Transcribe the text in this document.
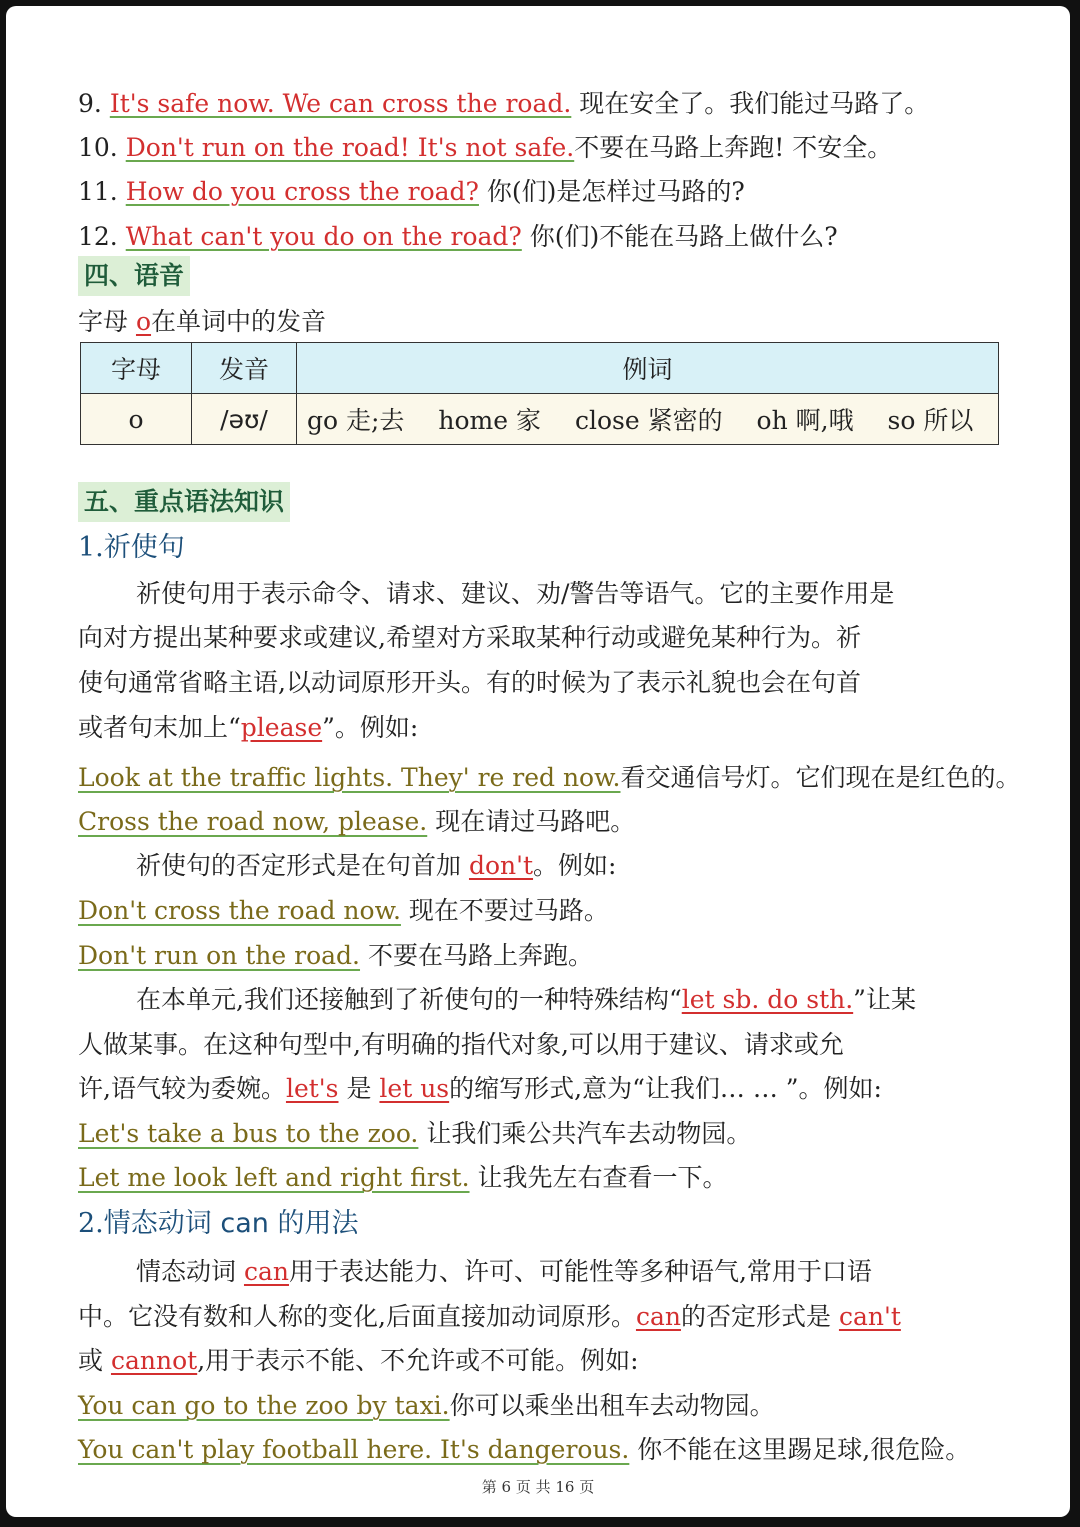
9. It's safe now. We can cross the road. 现在安全了。我们能过马路了。
10. Don't run on the road! It's not safe.不要在马路上奔跑! 不安全。
11. How do you cross the road? 你(们)是怎样过马路的?
12. What can't you do on the road? 你(们)不能在马路上做什么?
四、语音
字母 o在单词中的发音
字母	发音	例词
o	/əʊ/	go 走;去 home 家 close 紧密的 oh 啊,哦 so 所以
五、重点语法知识
1.祈使句
祈使句用于表示命令、请求、建议、劝/警告等语气。它的主要作用是
向对方提出某种要求或建议,希望对方采取某种行动或避免某种行为。祈
使句通常省略主语,以动词原形开头。有的时候为了表示礼貌也会在句首
或者句末加上“please”。例如:
Look at the traffic lights. They' re red now.看交通信号灯。它们现在是红色的。
Cross the road now, please. 现在请过马路吧。
祈使句的否定形式是在句首加 don't。例如:
Don't cross the road now. 现在不要过马路。
Don't run on the road. 不要在马路上奔跑。
在本单元,我们还接触到了祈使句的一种特殊结构“let sb. do sth.”让某
人做某事。在这种句型中,有明确的指代对象,可以用于建议、请求或允
许,语气较为委婉。let's 是 let us的缩写形式,意为“让我们… … ”。例如:
Let's take a bus to the zoo. 让我们乘公共汽车去动物园。
Let me look left and right first. 让我先左右查看一下。
2.情态动词 can 的用法
情态动词 can用于表达能力、许可、可能性等多种语气,常用于口语
中。它没有数和人称的变化,后面直接加动词原形。can的否定形式是 can't
或 cannot,用于表示不能、不允许或不可能。例如:
You can go to the zoo by taxi.你可以乘坐出租车去动物园。
You can't play football here. It's dangerous. 你不能在这里踢足球,很危险。
第 6 页 共 16 页
